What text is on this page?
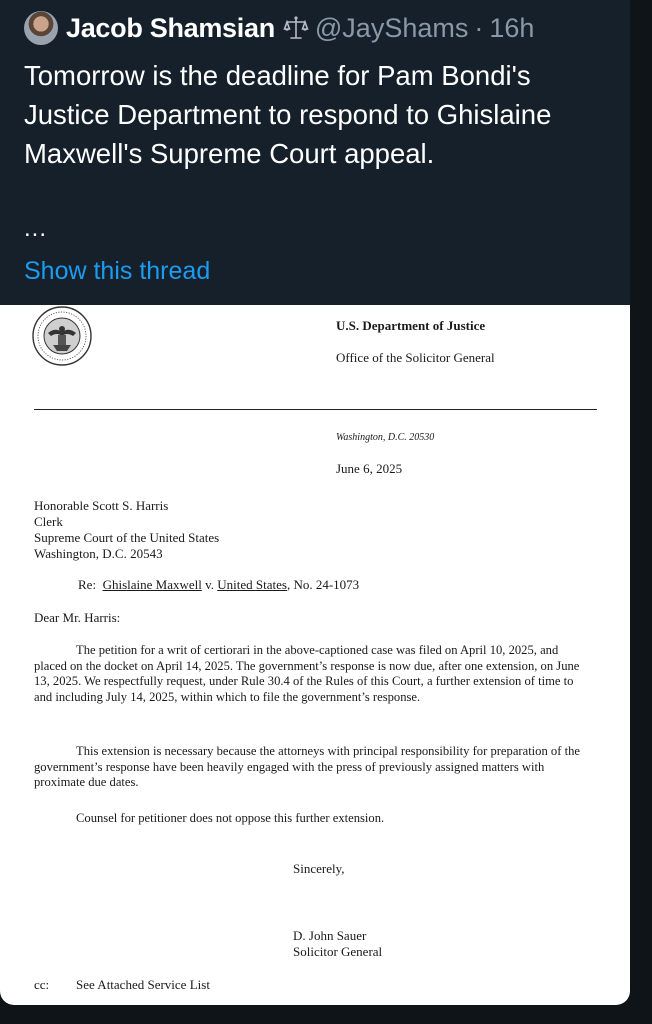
Jacob Shamsian @JayShams · 16h
Tomorrow is the deadline for Pam Bondi's Justice Department to respond to Ghislaine Maxwell's Supreme Court appeal.
...
Show this thread
U.S. Department of Justice
Office of the Solicitor General
Washington, D.C. 20530
June 6, 2025
Honorable Scott S. Harris
Clerk
Supreme Court of the United States
Washington, D.C. 20543
Re: Ghislaine Maxwell v. United States, No. 24-1073
Dear Mr. Harris:

The petition for a writ of certiorari in the above-captioned case was filed on April 10, 2025, and placed on the docket on April 14, 2025. The government’s response is now due, after one extension, on June 13, 2025. We respectfully request, under Rule 30.4 of the Rules of this Court, a further extension of time to and including July 14, 2025, within which to file the government’s response.

This extension is necessary because the attorneys with principal responsibility for preparation of the government’s response have been heavily engaged with the press of previously assigned matters with proximate due dates.

Counsel for petitioner does not oppose this further extension.

Sincerely,
D. John Sauer
Solicitor General
cc: See Attached Service List
